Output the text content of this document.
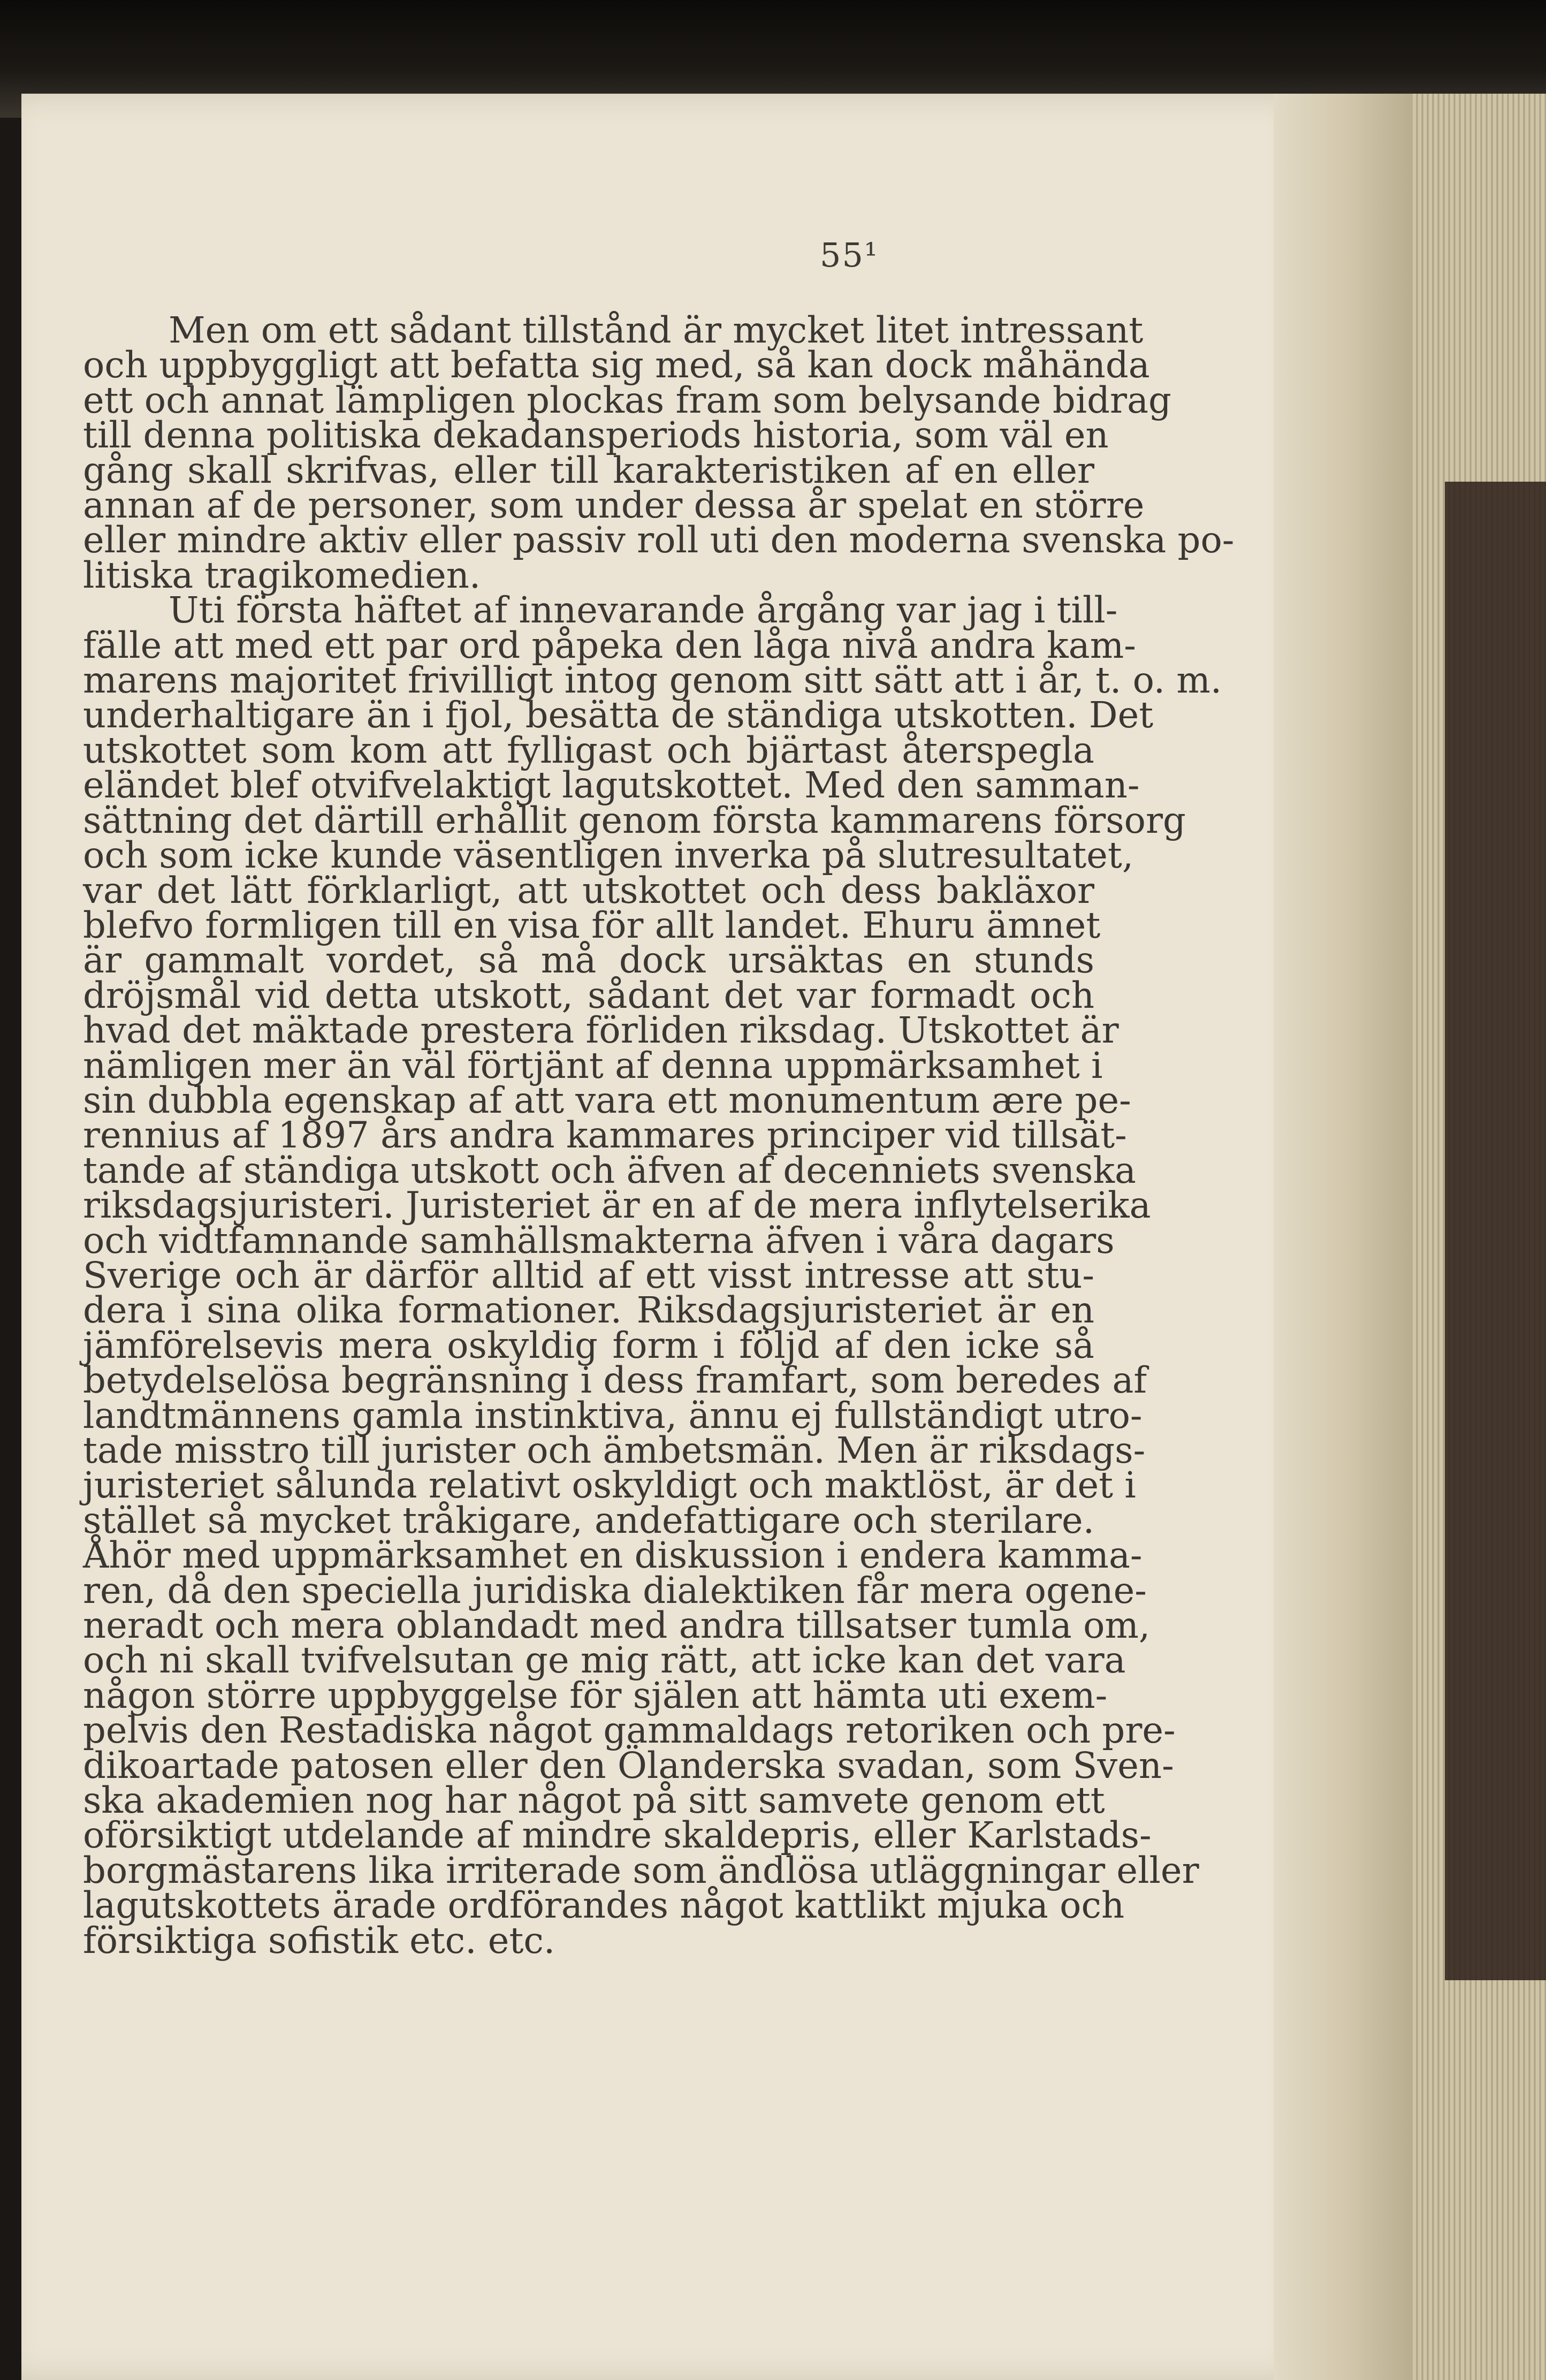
55¹

Men om ett sådant tillstånd är mycket litet intressant
och uppbyggligt att befatta sig med, så kan dock måhända
ett och annat lämpligen plockas fram som belysande bidrag
till denna politiska dekadansperiods historia, som väl en
gång skall skrifvas, eller till karakteristiken af en eller
annan af de personer, som under dessa år spelat en större
eller mindre aktiv eller passiv roll uti den moderna svenska po-
litiska tragikomedien.
Uti första häftet af innevarande årgång var jag i till-
fälle att med ett par ord påpeka den låga nivå andra kam-
marens majoritet frivilligt intog genom sitt sätt att i år, t. o. m.
underhaltigare än i fjol, besätta de ständiga utskotten. Det
utskottet som kom att fylligast och bjärtast återspegla
eländet blef otvifvelaktigt lagutskottet. Med den samman-
sättning det därtill erhållit genom första kammarens försorg
och som icke kunde väsentligen inverka på slutresultatet,
var det lätt förklarligt, att utskottet och dess bakläxor
blefvo formligen till en visa för allt landet. Ehuru ämnet
är gammalt vordet, så må dock ursäktas en stunds
dröjsmål vid detta utskott, sådant det var formadt och
hvad det mäktade prestera förliden riksdag. Utskottet är
nämligen mer än väl förtjänt af denna uppmärksamhet i
sin dubbla egenskap af att vara ett monumentum ære pe-
rennius af 1897 års andra kammares principer vid tillsät-
tande af ständiga utskott och äfven af decenniets svenska
riksdagsjuristeri. Juristeriet är en af de mera inflytelserika
och vidtfamnande samhällsmakterna äfven i våra dagars
Sverige och är därför alltid af ett visst intresse att stu-
dera i sina olika formationer. Riksdagsjuristeriet är en
jämförelsevis mera oskyldig form i följd af den icke så
betydelselösa begränsning i dess framfart, som beredes af
landtmännens gamla instinktiva, ännu ej fullständigt utro-
tade misstro till jurister och ämbetsmän. Men är riksdags-
juristeriet sålunda relativt oskyldigt och maktlöst, är det i
stället så mycket tråkigare, andefattigare och sterilare.
Åhör med uppmärksamhet en diskussion i endera kamma-
ren, då den speciella juridiska dialektiken får mera ogene-
neradt och mera oblandadt med andra tillsatser tumla om,
och ni skall tvifvelsutan ge mig rätt, att icke kan det vara
någon större uppbyggelse för själen att hämta uti exem-
pelvis den Restadiska något gammaldags retoriken och pre-
dikoartade patosen eller den Ölanderska svadan, som Sven-
ska akademien nog har något på sitt samvete genom ett
oförsiktigt utdelande af mindre skaldepris, eller Karlstads-
borgmästarens lika irriterade som ändlösa utläggningar eller
lagutskottets ärade ordförandes något kattlikt mjuka och
försiktiga sofistik etc. etc.
